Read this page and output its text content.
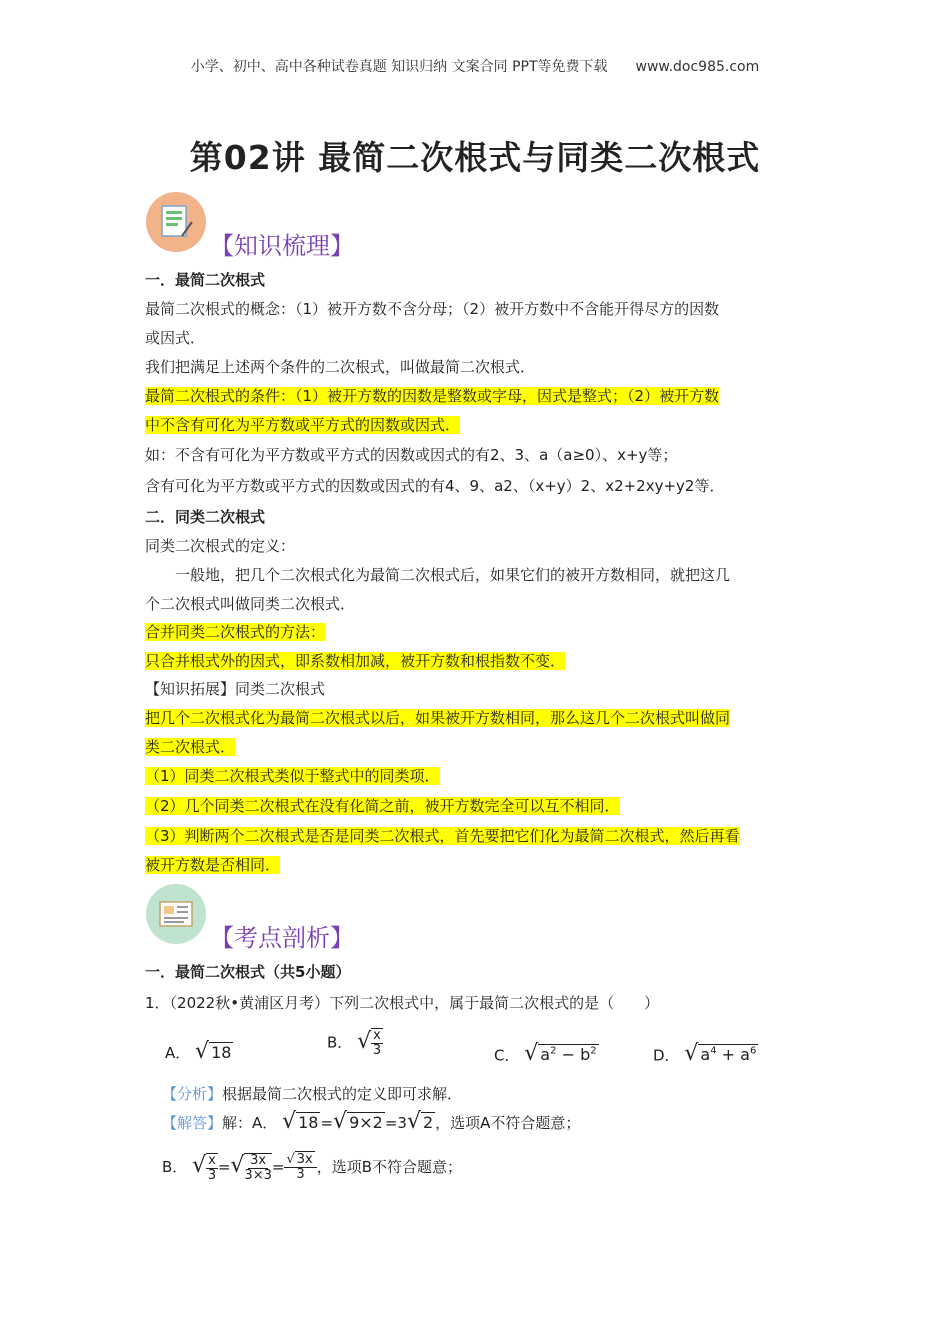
小学、初中、高中各种试卷真题 知识归纳 文案合同 PPT等免费下载 www.doc985.com
第02讲 最简二次根式与同类二次根式
【知识梳理】
一．最简二次根式
最简二次根式的概念：（1）被开方数不含分母；（2）被开方数中不含能开得尽方的因数
或因式．
我们把满足上述两个条件的二次根式，叫做最简二次根式．
最简二次根式的条件：（1）被开方数的因数是整数或字母，因式是整式；（2）被开方数
中不含有可化为平方数或平方式的因数或因式．
如：不含有可化为平方数或平方式的因数或因式的有2、3、a（a≥0）、x+y等；
含有可化为平方数或平方式的因数或因式的有4、9、a2、（x+y）2、x2+2xy+y2等．
二．同类二次根式
同类二次根式的定义：
一般地，把几个二次根式化为最简二次根式后，如果它们的被开方数相同，就把这几
个二次根式叫做同类二次根式．
合并同类二次根式的方法：
只合并根式外的因式，即系数相加减，被开方数和根指数不变．
【知识拓展】同类二次根式
把几个二次根式化为最简二次根式以后，如果被开方数相同，那么这几个二次根式叫做同
类二次根式．
（1）同类二次根式类似于整式中的同类项．
（2）几个同类二次根式在没有化简之前，被开方数完全可以互不相同．
（3）判断两个二次根式是否是同类二次根式，首先要把它们化为最简二次根式，然后再看
被开方数是否相同．
【考点剖析】
一．最简二次根式（共5小题）
1．（2022秋•黄浦区月考）下列二次根式中，属于最简二次根式的是（　　）
A． √ 18
B． √ $\frac{x}{3}$	C． √ $a^2 - b^2$	D． √ $a^4 + a^6$
【分析】根据最简二次根式的定义即可求解．
【解答】解：A． √ 18 =√ 9×2 =3√ 2 ，选项A不符合题意；
B． √ $\frac{x}{3}$ =√ $\frac{3x}{3\times 3} = \frac{√ 3x}{3}$ ，选项B不符合题意；
